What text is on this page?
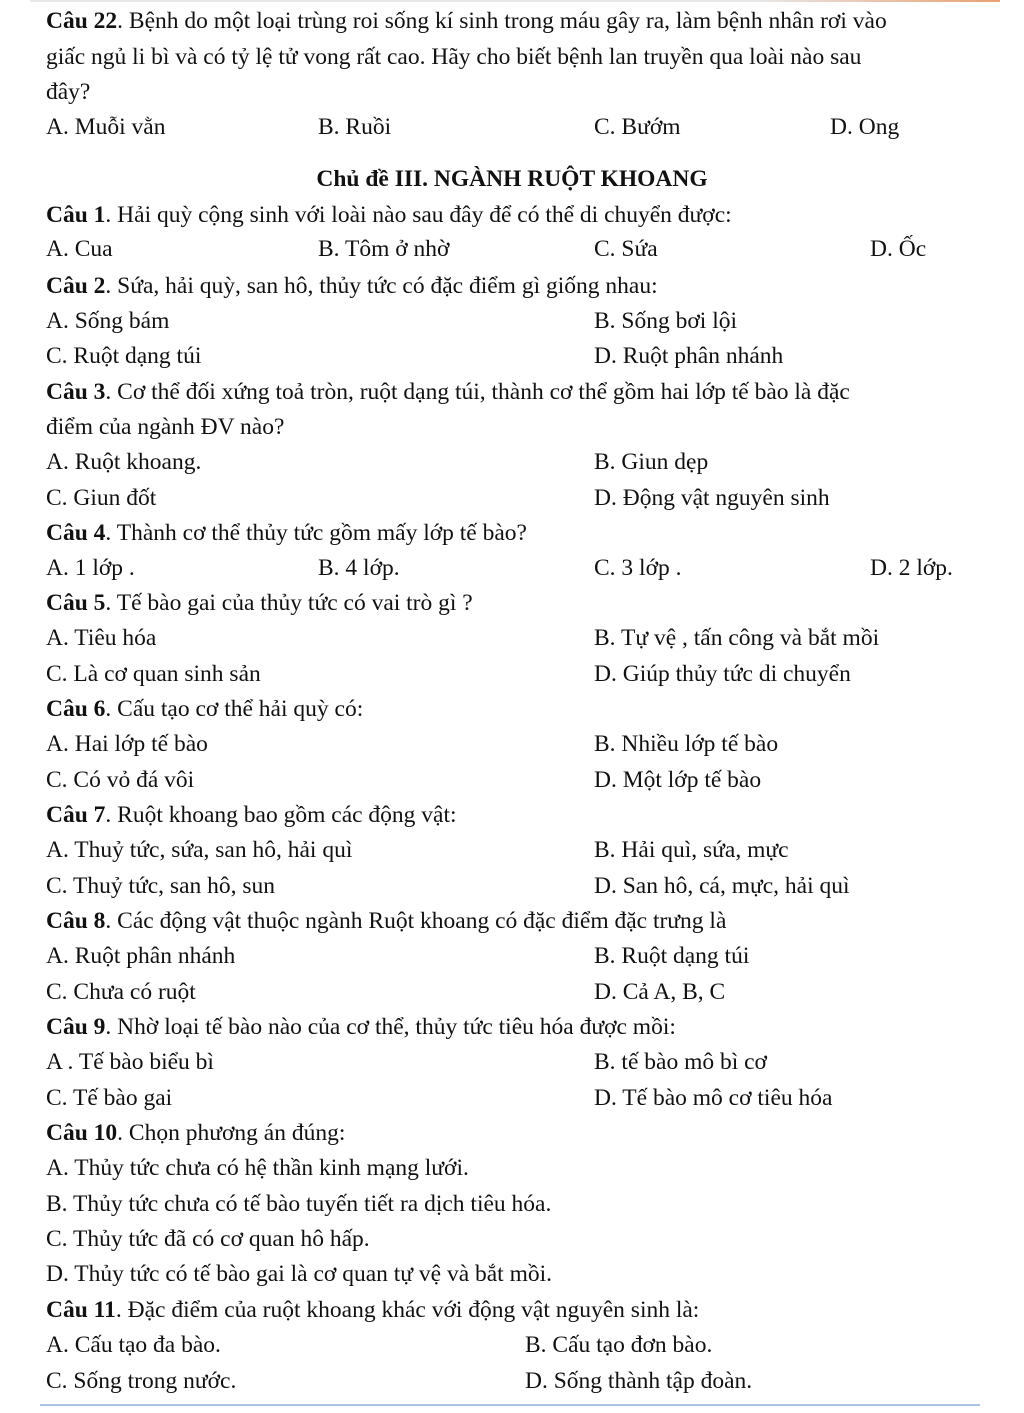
Câu 22. Bệnh do một loại trùng roi sống kí sinh trong máu gây ra, làm bệnh nhân rơi vào
giấc ngủ li bì và có tỷ lệ tử vong rất cao. Hãy cho biết bệnh lan truyền qua loài nào sau
đây?
A. Muỗi vằn	B. Ruồi	C. Bướm	D. Ong
Chủ đề III. NGÀNH RUỘT KHOANG
Câu 1. Hải quỳ cộng sinh với loài nào sau đây để có thể di chuyển được:
A. Cua	B. Tôm ở nhờ	C. Sứa	D. Ốc
Câu 2. Sứa, hải quỳ, san hô, thủy tức có đặc điểm gì giống nhau:
A. Sống bám	B. Sống bơi lội
C. Ruột dạng túi	D. Ruột phân nhánh
Câu 3. Cơ thể đối xứng toả tròn, ruột dạng túi, thành cơ thể gồm hai lớp tế bào là đặc
điểm của ngành ĐV nào?
A. Ruột khoang.	B. Giun dẹp
C. Giun đốt	D. Động vật nguyên sinh
Câu 4. Thành cơ thể thủy tức gồm mấy lớp tế bào?
A. 1 lớp .	B. 4 lớp.	C. 3 lớp .	D. 2 lớp.
Câu 5. Tế bào gai của thủy tức có vai trò gì ?
A. Tiêu hóa	B. Tự vệ , tấn công và bắt mồi
C. Là cơ quan sinh sản	D. Giúp thủy tức di chuyển
Câu 6. Cấu tạo cơ thể hải quỳ có:
A. Hai lớp tế bào	B. Nhiều lớp tế bào
C. Có vỏ đá vôi	D. Một lớp tế bào
Câu 7. Ruột khoang bao gồm các động vật:
A. Thuỷ tức, sứa, san hô, hải quì	B. Hải quì, sứa, mực
C. Thuỷ tức, san hô, sun	D. San hô, cá, mực, hải quì
Câu 8. Các động vật thuộc ngành Ruột khoang có đặc điểm đặc trưng là
A. Ruột phân nhánh	B. Ruột dạng túi
C. Chưa có ruột	D. Cả A, B, C
Câu 9. Nhờ loại tế bào nào của cơ thể, thủy tức tiêu hóa được mồi:
A . Tế bào biểu bì	B. tế bào mô bì cơ
C. Tế bào gai	D. Tế bào mô cơ tiêu hóa
Câu 10. Chọn phương án đúng:
A. Thủy tức chưa có hệ thần kinh mạng lưới.
B. Thủy tức chưa có tế bào tuyến tiết ra dịch tiêu hóa.
C. Thủy tức đã có cơ quan hô hấp.
D. Thủy tức có tế bào gai là cơ quan tự vệ và bắt mồi.
Câu 11. Đặc điểm của ruột khoang khác với động vật nguyên sinh là:
A. Cấu tạo đa bào.	B. Cấu tạo đơn bào.
C. Sống trong nước.	D. Sống thành tập đoàn.
